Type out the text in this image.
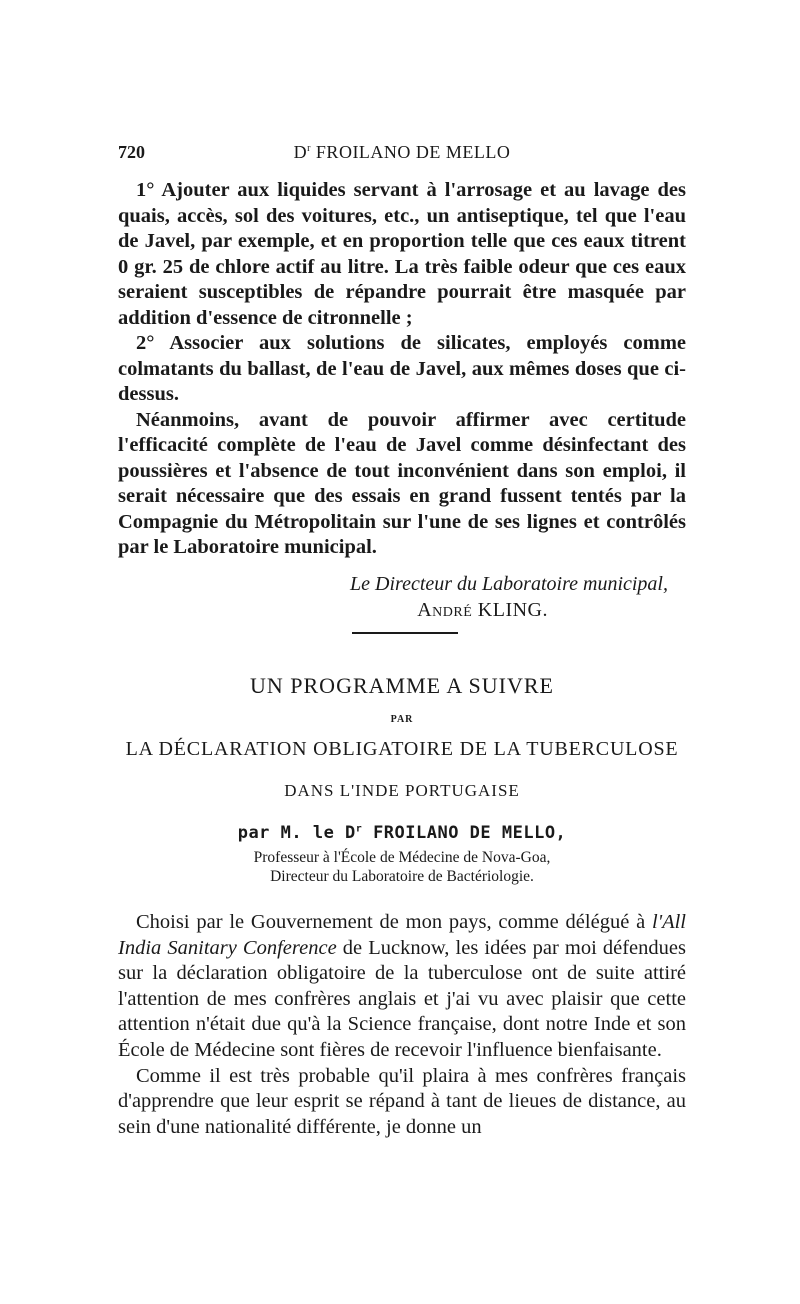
720	$D^r$ FROILANO DE MELLO

1° Ajouter aux liquides servant à l'arrosage et au lavage des quais, accès, sol des voitures, etc., un antiseptique, tel que l'eau de Javel, par exemple, et en proportion telle que ces eaux titrent 0 gr. 25 de chlore actif au litre. La très faible odeur que ces eaux seraient susceptibles de répandre pourrait être masquée par addition d'essence de citronnelle ;

2° Associer aux solutions de silicates, employés comme colmatants du ballast, de l'eau de Javel, aux mêmes doses que ci-dessus.

Néanmoins, avant de pouvoir affirmer avec certitude l'efficacité complète de l'eau de Javel comme désinfectant des poussières et l'absence de tout inconvénient dans son emploi, il serait nécessaire que des essais en grand fussent tentés par la Compagnie du Métropolitain sur l'une de ses lignes et contrôlés par le Laboratoire municipal.

Le Directeur du Laboratoire municipal,
André KLING.
UN PROGRAMME A SUIVRE
PAR
LA DÉCLARATION OBLIGATOIRE DE LA TUBERCULOSE
DANS L'INDE PORTUGAISE
par M. le $D^r$ FROILANO DE MELLO,
Professeur à l'École de Médecine de Nova-Goa,
Directeur du Laboratoire de Bactériologie.

Choisi par le Gouvernement de mon pays, comme délégué à l'All India Sanitary Conference de Lucknow, les idées par moi défendues sur la déclaration obligatoire de la tuberculose ont de suite attiré l'attention de mes confrères anglais et j'ai vu avec plaisir que cette attention n'était due qu'à la Science française, dont notre Inde et son École de Médecine sont fières de recevoir l'influence bienfaisante.

Comme il est très probable qu'il plaira à mes confrères français d'apprendre que leur esprit se répand à tant de lieues de distance, au sein d'une nationalité différente, je donne un
